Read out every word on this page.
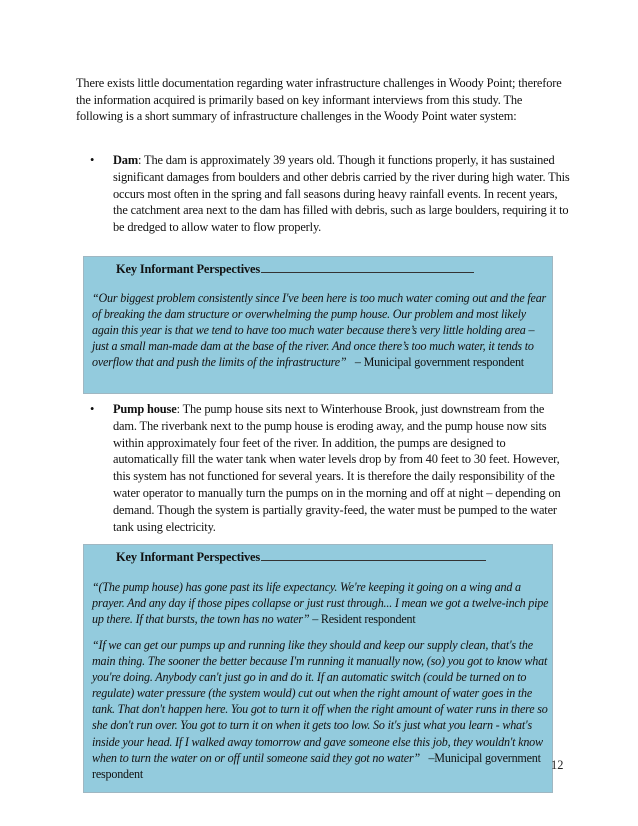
There exists little documentation regarding water infrastructure challenges in Woody Point; therefore the information acquired is primarily based on key informant interviews from this study. The following is a short summary of infrastructure challenges in the Woody Point water system:

•	Dam: The dam is approximately 39 years old. Though it functions properly, it has sustained significant damages from boulders and other debris carried by the river during high water. This occurs most often in the spring and fall seasons during heavy rainfall events. In recent years, the catchment area next to the dam has filled with debris, such as large boulders, requiring it to be dredged to allow water to flow properly.
Key Informant Perspectives
“Our biggest problem consistently since I've been here is too much water coming out and the fear of breaking the dam structure or overwhelming the pump house. Our problem and most likely again this year is that we tend to have too much water because there’s very little holding area – just a small man-made dam at the base of the river. And once there’s too much water, it tends to overflow that and push the limits of the infrastructure”   – Municipal government respondent
•	Pump house: The pump house sits next to Winterhouse Brook, just downstream from the dam. The riverbank next to the pump house is eroding away, and the pump house now sits within approximately four feet of the river. In addition, the pumps are designed to automatically fill the water tank when water levels drop by from 40 feet to 30 feet. However, this system has not functioned for several years. It is therefore the daily responsibility of the water operator to manually turn the pumps on in the morning and off at night – depending on demand. Though the system is partially gravity-feed, the water must be pumped to the water tank using electricity.
Key Informant Perspectives
“(The pump house) has gone past its life expectancy. We're keeping it going on a wing and a prayer. And any day if those pipes collapse or just rust through... I mean we got a twelve-inch pipe up there. If that bursts, the town has no water” – Resident respondent
“If we can get our pumps up and running like they should and keep our supply clean, that's the main thing. The sooner the better because I'm running it manually now, (so) you got to know what you're doing. Anybody can't just go in and do it. If an automatic switch (could be turned on to regulate) water pressure (the system would) cut out when the right amount of water goes in the tank. That don't happen here. You got to turn it off when the right amount of water runs in there so she don't run over. You got to turn it on when it gets too low. So it's just what you learn - what's inside your head. If I walked away tomorrow and gave someone else this job, they wouldn't know when to turn the water on or off until someone said they got no water”   –Municipal government respondent
12
